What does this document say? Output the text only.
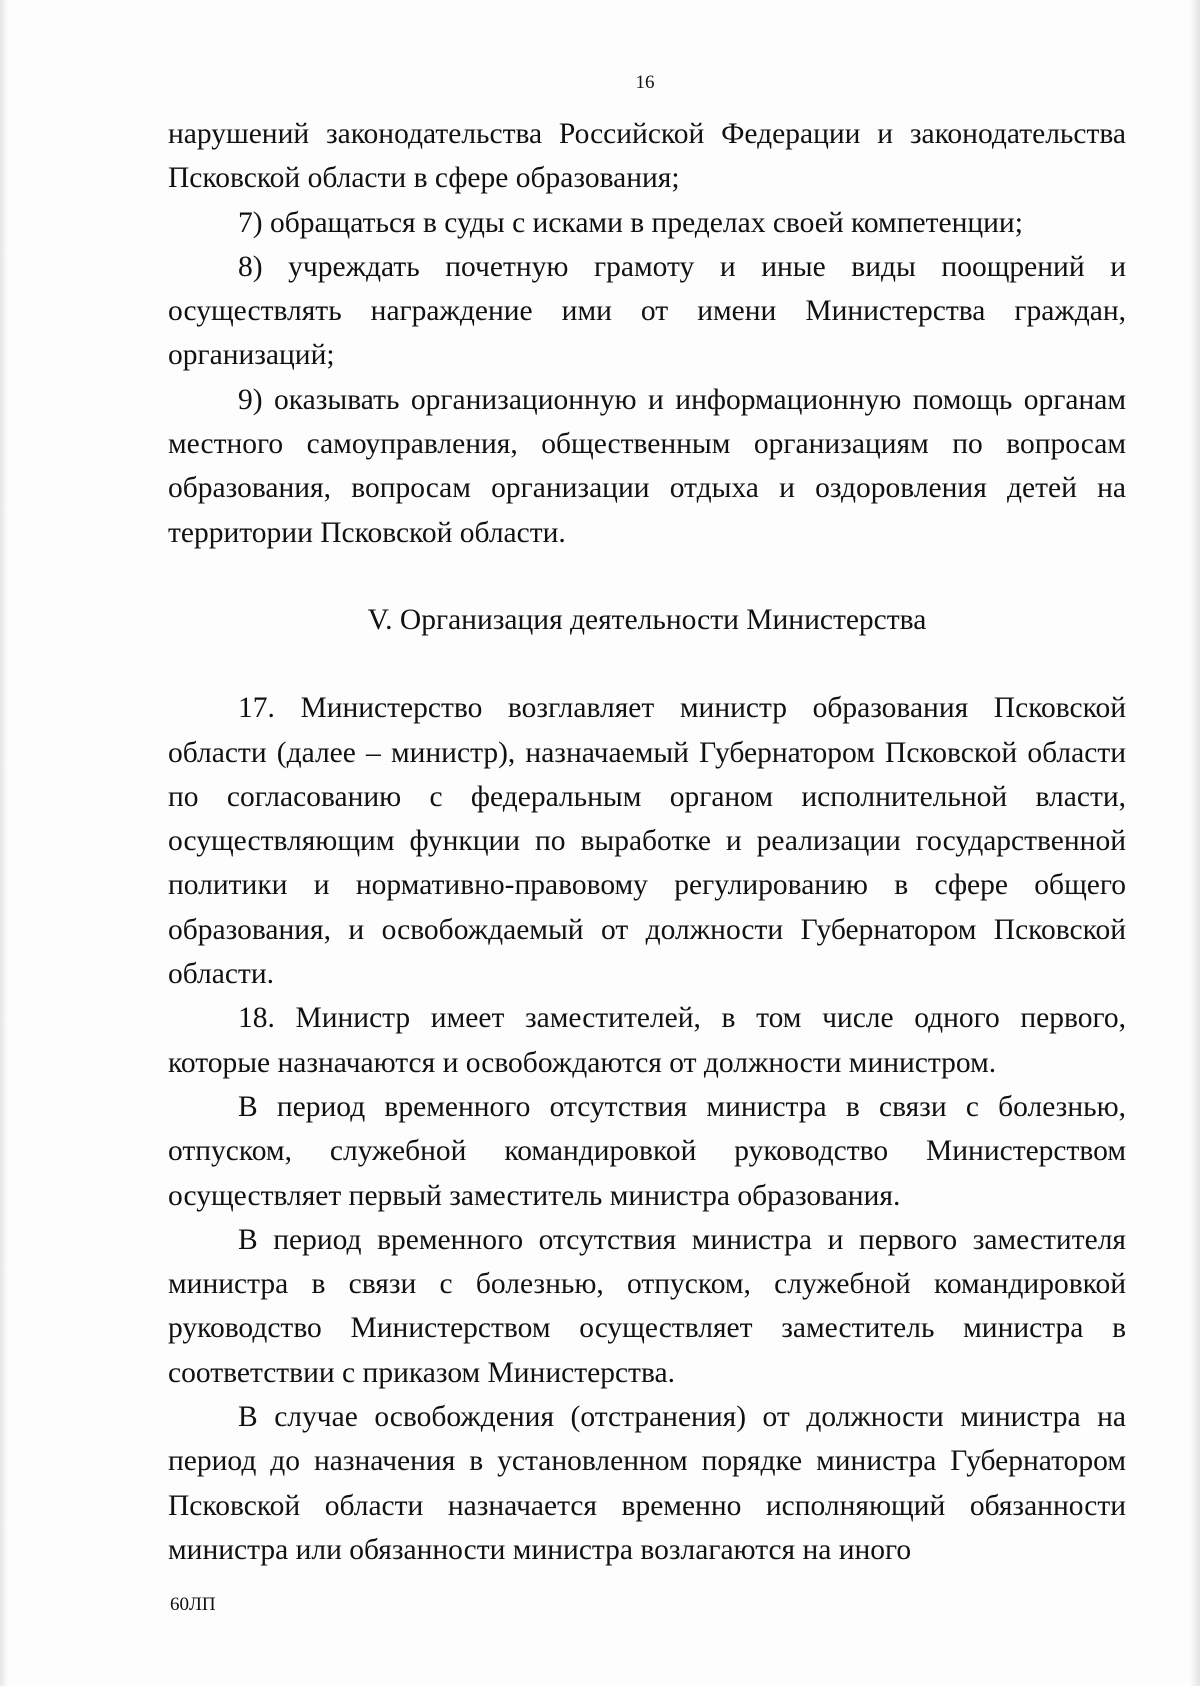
16

нарушений законодательства Российской Федерации и законодательства Псковской области в сфере образования;

7) обращаться в суды с исками в пределах своей компетенции;

8) учреждать почетную грамоту и иные виды поощрений и осуществлять награждение ими от имени Министерства граждан, организаций;

9) оказывать организационную и информационную помощь органам местного самоуправления, общественным организациям по вопросам образования, вопросам организации отдыха и оздоровления детей на территории Псковской области.

V. Организация деятельности Министерства

17. Министерство возглавляет министр образования Псковской области (далее – министр), назначаемый Губернатором Псковской области по согласованию с федеральным органом исполнительной власти, осуществляющим функции по выработке и реализации государственной политики и нормативно-правовому регулированию в сфере общего образования, и освобождаемый от должности Губернатором Псковской области.

18. Министр имеет заместителей, в том числе одного первого, которые назначаются и освобождаются от должности министром.

В период временного отсутствия министра в связи с болезнью, отпуском, служебной командировкой руководство Министерством осуществляет первый заместитель министра образования.

В период временного отсутствия министра и первого заместителя министра в связи с болезнью, отпуском, служебной командировкой руководство Министерством осуществляет заместитель министра в соответствии с приказом Министерства.

В случае освобождения (отстранения) от должности министра на период до назначения в установленном порядке министра Губернатором Псковской области назначается временно исполняющий обязанности министра или обязанности министра возлагаются на иного

60ЛП
